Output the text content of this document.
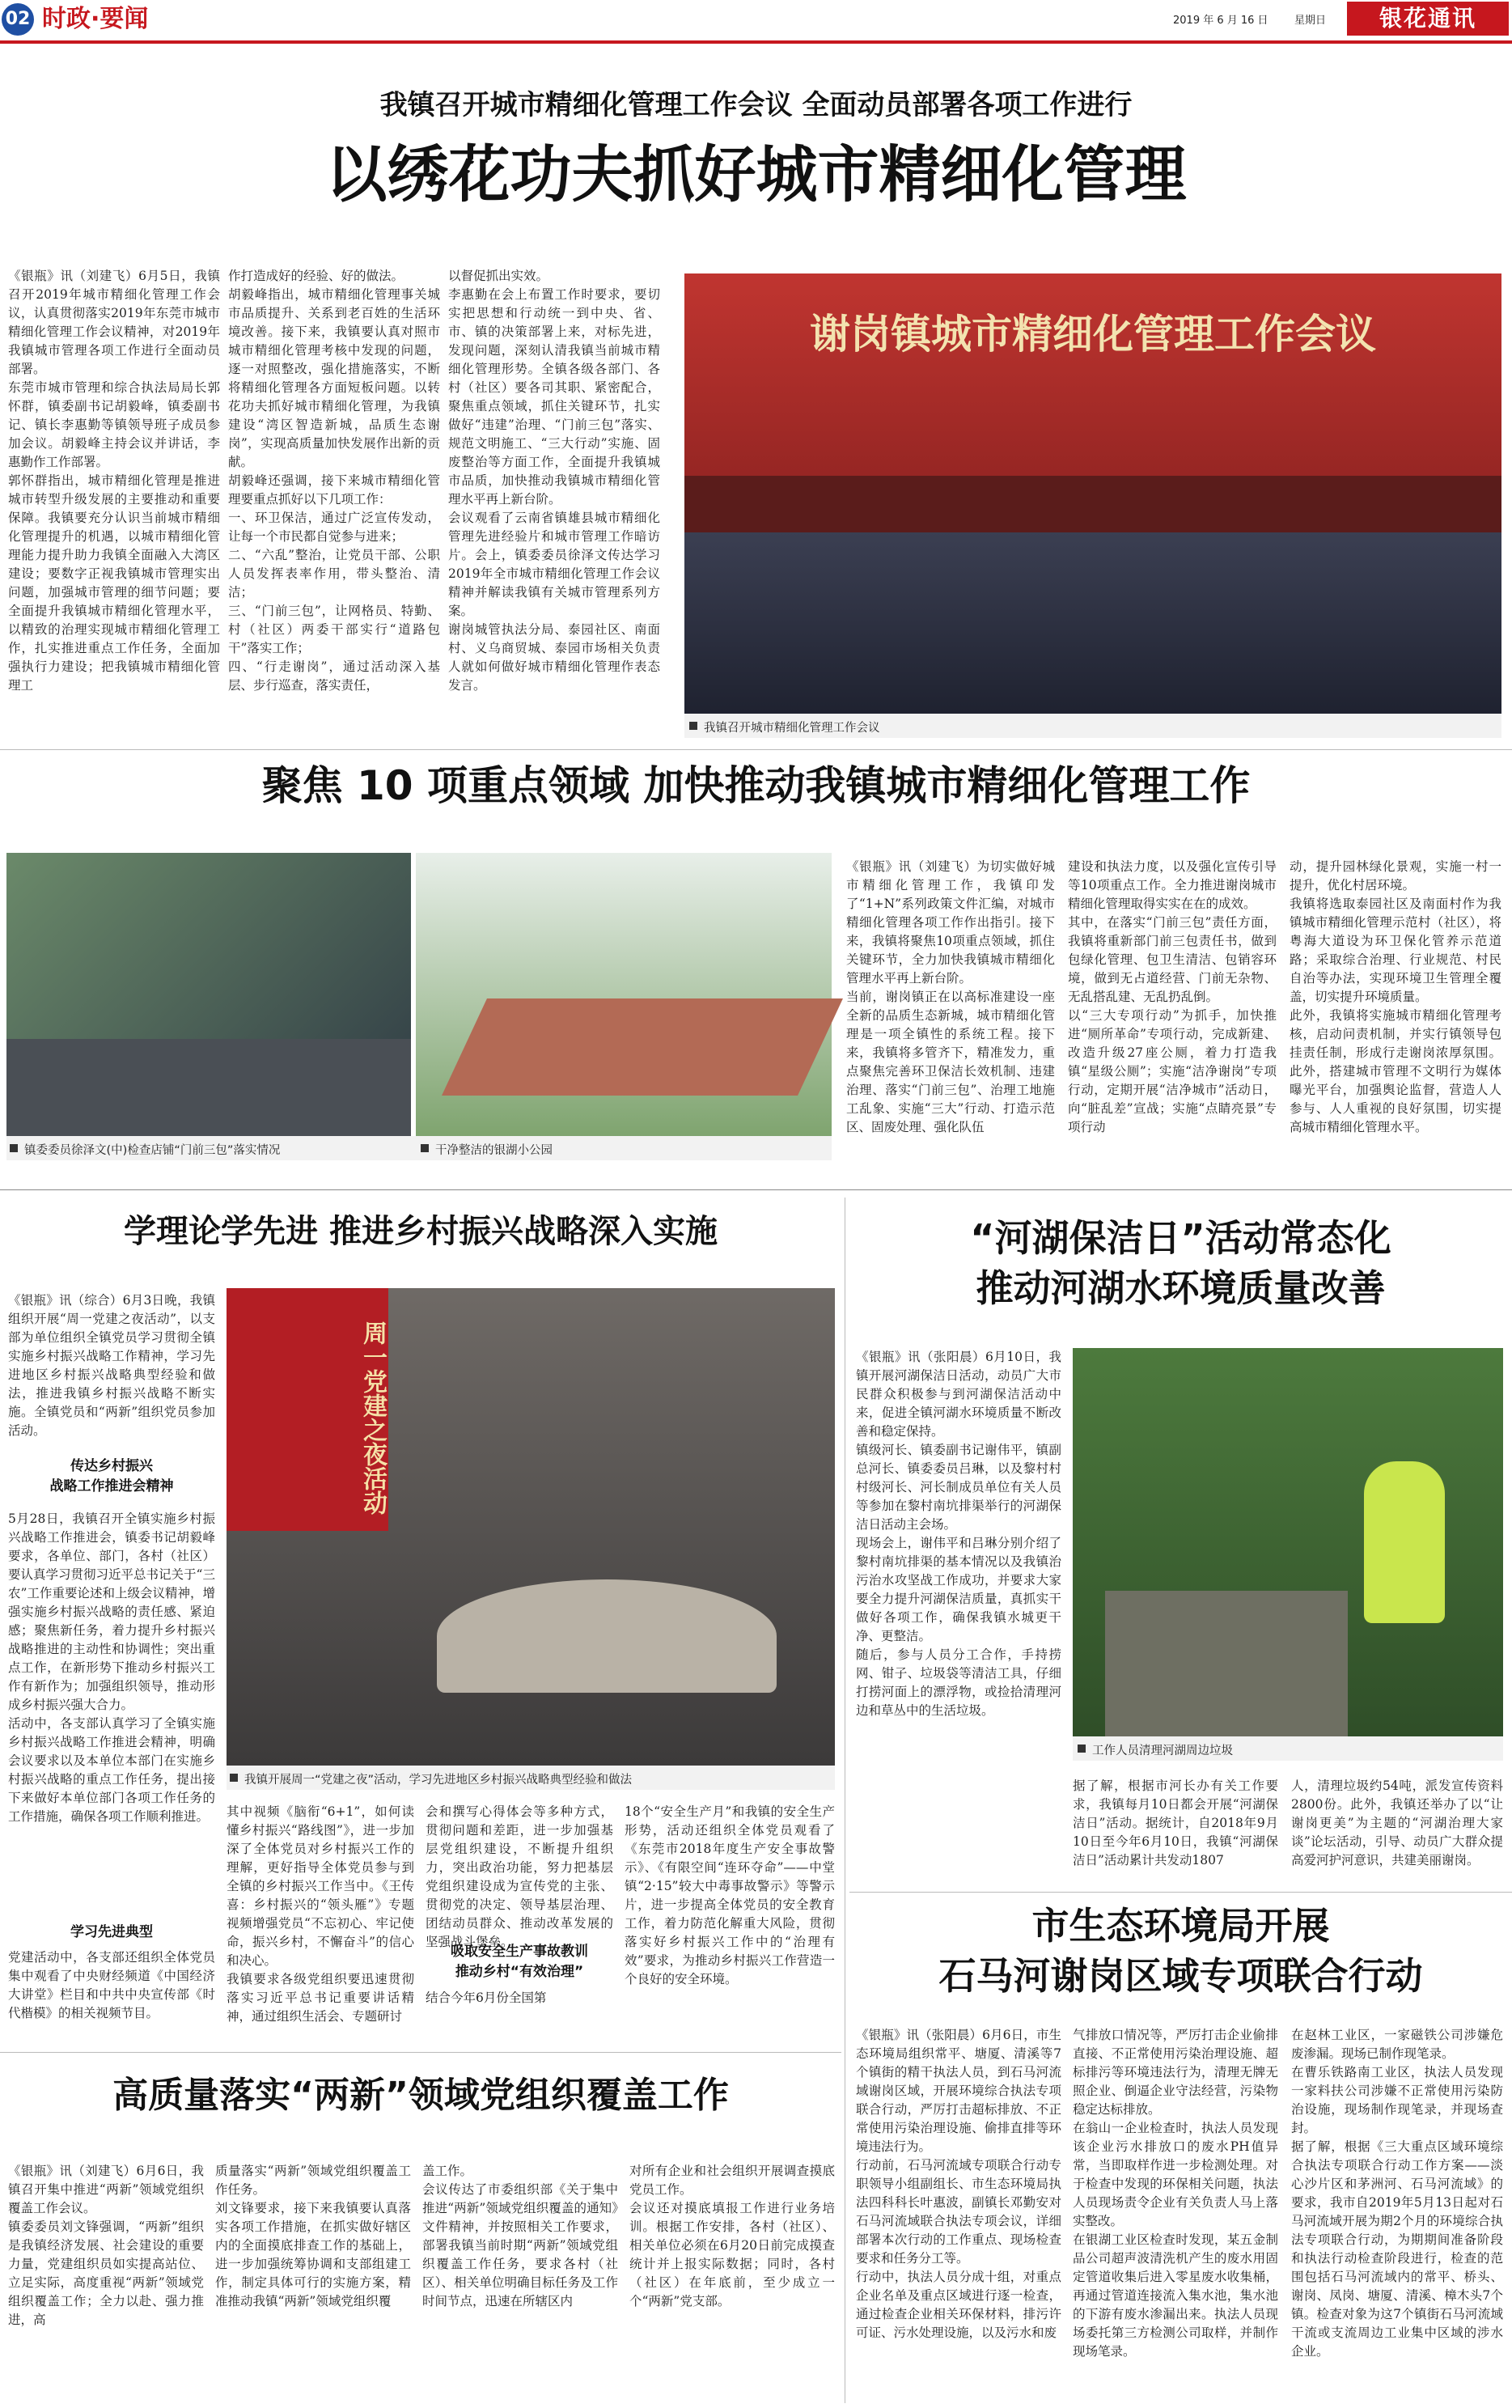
02 时政·要闻	2019 年 6 月 16 日 星期日	银花通讯
我镇召开城市精细化管理工作会议 全面动员部署各项工作进行
以绣花功夫抓好城市精细化管理

《银瓶》讯（刘建飞）6月5日，我镇召开2019年城市精细化管理工作会议，认真贯彻落实2019年东莞市城市精细化管理工作会议精神，对2019年我镇城市管理各项工作进行全面动员部署。
东莞市城市管理和综合执法局局长郭怀群，镇委副书记胡毅峰，镇委副书记、镇长李惠勤等镇领导班子成员参加会议。胡毅峰主持会议并讲话，李惠勤作工作部署。
郭怀群指出，城市精细化管理是推进城市转型升级发展的主要推动和重要保障。我镇要充分认识当前城市精细化管理提升的机遇，以城市精细化管理能力提升助力我镇全面融入大湾区建设；要数字正视我镇城市管理实出问题，加强城市管理的细节问题；要全面提升我镇城市精细化管理水平，以精致的治理实现城市精细化管理工作，扎实推进重点工作任务，全面加强执行力建设；把我镇城市精细化管理工

作打造成好的经验、好的做法。
胡毅峰指出，城市精细化管理事关城市品质提升、关系到老百姓的生活环境改善。接下来，我镇要认真对照市城市精细化管理考核中发现的问题，逐一对照整改，强化措施落实，不断将精细化管理各方面短板问题。以转花功夫抓好城市精细化管理，为我镇建设“湾区智造新城，品质生态谢岗”，实现高质量加快发展作出新的贡献。
胡毅峰还强调，接下来城市精细化管理要重点抓好以下几项工作：
一、环卫保洁，通过广泛宣传发动，让每一个市民都自觉参与进来；
二、“六乱”整治，让党员干部、公职人员发挥表率作用，带头整治、清洁；
三、“门前三包”，让网格员、特勤、村（社区）两委干部实行“道路包干”落实工作；
四、“行走谢岗”，通过活动深入基层、步行巡查，落实责任，

以督促抓出实效。
李惠勤在会上布置工作时要求，要切实把思想和行动统一到中央、省、市、镇的决策部署上来，对标先进，发现问题，深刻认清我镇当前城市精细化管理形势。全镇各级各部门、各村（社区）要各司其职、紧密配合，聚焦重点领域，抓住关键环节，扎实做好“违建”治理、“门前三包”落实、规范文明施工、“三大行动”实施、固废整治等方面工作，全面提升我镇城市品质，加快推动我镇城市精细化管理水平再上新台阶。
会议观看了云南省镇雄县城市精细化管理先进经验片和城市管理工作暗访片。会上，镇委委员徐泽文传达学习2019年全市城市精细化管理工作会议精神并解读我镇有关城市管理系列方案。
谢岗城管执法分局、泰园社区、南面村、义乌商贸城、泰园市场相关负责人就如何做好城市精细化管理作表态发言。

谢岗镇城市精细化管理工作会议
我镇召开城市精细化管理工作会议
聚焦 10 项重点领域 加快推动我镇城市精细化管理工作
镇委委员徐泽文(中)检查店铺“门前三包”落实情况	干净整洁的银湖小公园

《银瓶》讯（刘建飞）为切实做好城市精细化管理工作，我镇印发了“1+N”系列政策文件汇编，对城市精细化管理各项工作作出指引。接下来，我镇将聚焦10项重点领域，抓住关键环节，全力加快我镇城市精细化管理水平再上新台阶。
当前，谢岗镇正在以高标准建设一座全新的品质生态新城，城市精细化管理是一项全镇性的系统工程。接下来，我镇将多管齐下，精准发力，重点聚焦完善环卫保洁长效机制、违建治理、落实“门前三包”、治理工地施工乱象、实施“三大”行动、打造示范区、固废处理、强化队伍

建设和执法力度，以及强化宣传引导等10项重点工作。全力推进谢岗城市精细化管理取得实实在在的成效。
其中，在落实“门前三包”责任方面，我镇将重新部门前三包责任书，做到包绿化管理、包卫生清洁、包销容环境，做到无占道经营、门前无杂物、无乱搭乱建、无乱扔乱倒。
以“三大专项行动”为抓手，加快推进“厕所革命”专项行动，完成新建、改造升级27座公厕，着力打造我镇“星级公厕”；实施“洁净谢岗”专项行动，定期开展“洁净城市”活动日，向“脏乱差”宣战；实施“点睛亮景”专项行动

动，提升园林绿化景观，实施一村一提升，优化村居环境。
我镇将选取泰园社区及南面村作为我镇城市精细化管理示范村（社区），将粤海大道设为环卫保化管养示范道路；采取综合治理、行业规范、村民自治等办法，实现环境卫生管理全覆盖，切实提升环境质量。
此外，我镇将实施城市精细化管理考核，启动问责机制，并实行镇领导包挂责任制，形成行走谢岗浓厚氛围。此外，搭建城市管理不文明行为媒体曝光平台，加强舆论监督，营造人人参与、人人重视的良好氛围，切实提高城市精细化管理水平。

学理论学先进 推进乡村振兴战略深入实施

《银瓶》讯（综合）6月3日晚，我镇组织开展“周一党建之夜活动”，以支部为单位组织全镇党员学习贯彻全镇实施乡村振兴战略工作精神，学习先进地区乡村振兴战略典型经验和做法，推进我镇乡村振兴战略不断实施。全镇党员和“两新”组织党员参加活动。

传达乡村振兴
战略工作推进会精神

5月28日，我镇召开全镇实施乡村振兴战略工作推进会，镇委书记胡毅峰要求，各单位、部门，各村（社区）要认真学习贯彻习近平总书记关于“三农”工作重要论述和上级会议精神，增强实施乡村振兴战略的责任感、紧迫感；聚焦新任务，着力提升乡村振兴战略推进的主动性和协调性；突出重点工作，在新形势下推动乡村振兴工作有新作为；加强组织领导，推动形成乡村振兴强大合力。
活动中，各支部认真学习了全镇实施乡村振兴战略工作推进会精神，明确会议要求以及本单位本部门在实施乡村振兴战略的重点工作任务，提出接下来做好本单位部门各项工作任务的工作措施，确保各项工作顺利推进。

学习先进典型

党建活动中，各支部还组织全体党员集中观看了中央财经频道《中国经济大讲堂》栏目和中共中央宣传部《时代楷模》的相关视频节目。

周一党建之夜活动
我镇开展周一“党建之夜”活动，学习先进地区乡村振兴战略典型经验和做法

其中视频《脑衔“6+1”，如何读懂乡村振兴“路线图”》，进一步加深了全体党员对乡村振兴工作的理解，更好指导全体党员参与到全镇的乡村振兴工作当中。《王传喜：乡村振兴的“领头雁”》专题视频增强党员“不忘初心、牢记使命，振兴乡村，不懈奋斗”的信心和决心。
我镇要求各级党组织要迅速贯彻落实习近平总书记重要讲话精神，通过组织生活会、专题研讨

会和撰写心得体会等多种方式，贯彻问题和差距，进一步加强基层党组织建设，不断提升组织力，突出政治功能，努力把基层党组织建设成为宣传党的主张、贯彻党的决定、领导基层治理、团结动员群众、推动改革发展的坚强战斗堡垒。

吸取安全生产事故教训
推动乡村“有效治理”

结合今年6月份全国第

18个“安全生产月”和我镇的安全生产形势，活动还组织全体党员观看了《东莞市2018年度生产安全事故警示》、《有限空间“连环夺命”——中堂镇“2·15”较大中毒事故警示》等警示片，进一步提高全体党员的安全教育工作，着力防范化解重大风险，贯彻落实好乡村振兴工作中的“治理有效”要求，为推动乡村振兴工作营造一个良好的安全环境。

高质量落实“两新”领域党组织覆盖工作

《银瓶》讯（刘建飞）6月6日，我镇召开集中推进“两新”领域党组织覆盖工作会议。
镇委委员刘文锋强调，“两新”组织是我镇经济发展、社会建设的重要力量，党建组织员如实提高站位、立足实际，高度重视“两新”领域党组织覆盖工作；全力以赴、强力推进，高

质量落实“两新”领域党组织覆盖工作任务。
刘文锋要求，接下来我镇要认真落实各项工作措施，在抓实做好辖区内的全面摸底排查工作的基础上，进一步加强统筹协调和支部组建工作，制定具体可行的实施方案，精准推动我镇“两新”领域党组织覆

盖工作。
会议传达了市委组织部《关于集中推进“两新”领域党组织覆盖的通知》文件精神，并按照相关工作要求，部署我镇当前时期“两新”领域党组织覆盖工作任务，要求各村（社区）、相关单位明确目标任务及工作时间节点，迅速在所辖区内

对所有企业和社会组织开展调查摸底党员工作。
会议还对摸底填报工作进行业务培训。根据工作安排，各村（社区）、相关单位必须在6月20日前完成摸查统计并上报实际数据；同时，各村（社区）在年底前，至少成立一个“两新”党支部。

“河湖保洁日”活动常态化
推动河湖水环境质量改善

《银瓶》讯（张阳晨）6月10日，我镇开展河湖保洁日活动，动员广大市民群众积极参与到河湖保洁活动中来，促进全镇河湖水环境质量不断改善和稳定保持。
镇级河长、镇委副书记谢伟平，镇副总河长、镇委委员吕琳，以及黎村村村级河长、河长制成员单位有关人员等参加在黎村南坑排渠举行的河湖保洁日活动主会场。
现场会上，谢伟平和吕琳分别介绍了黎村南坑排渠的基本情况以及我镇治污治水攻坚战工作成功，并要求大家要全力提升河湖保洁质量，真抓实干做好各项工作，确保我镇水城更干净、更整洁。
随后，参与人员分工合作，手持捞网、钳子、垃圾袋等清洁工具，仔细打捞河面上的漂浮物，或捡拾清理河边和草丛中的生活垃圾。

工作人员清理河湖周边垃圾

据了解，根据市河长办有关工作要求，我镇每月10日都会开展“河湖保洁日”活动。据统计，自2018年9月10日至今年6月10日，我镇“河湖保洁日”活动累计共发动1807

人，清理垃圾约54吨，派发宣传资料2800份。此外，我镇还举办了以“让谢岗更美”为主题的“河湖治理大家谈”论坛活动，引导、动员广大群众提高爱河护河意识，共建美丽谢岗。

市生态环境局开展
石马河谢岗区域专项联合行动

《银瓶》讯（张阳晨）6月6日，市生态环境局组织常平、塘厦、清溪等7个镇街的精干执法人员，到石马河流域谢岗区域，开展环境综合执法专项联合行动，严厉打击超标排放、不正常使用污染治理设施、偷排直排等环境违法行为。
行动前，石马河流域专项联合行动专职领导小组副组长、市生态环境局执法四科科长叶惠波，副镇长邓勤安对石马河流域联合执法专项会议，详细部署本次行动的工作重点、现场检查要求和任务分工等。
行动中，执法人员分成十组，对重点企业名单及重点区域进行逐一检查，通过检查企业相关环保材料，排污许可证、污水处理设施，以及污水和废

气排放口情况等，严厉打击企业偷排直接、不正常使用污染治理设施、超标排污等环境违法行为，清理无牌无照企业、倒逼企业守法经营，污染物稳定达标排放。
在翁山一企业检查时，执法人员发现该企业污水排放口的废水PH值异常，当即取样作进一步检测处理。对于检查中发现的环保相关问题，执法人员现场责令企业有关负责人马上落实整改。
在银湖工业区检查时发现，某五金制品公司超声波清洗机产生的废水用固定管道收集后进入零星废水收集桶，再通过管道连接流入集水池，集水池的下游有废水渗漏出来。执法人员现场委托第三方检测公司取样，并制作现场笔录。

在赵林工业区，一家磁铁公司涉嫌危废渗漏。现场已制作现笔录。
在曹乐铁路南工业区，执法人员发现一家料扶公司涉嫌不正常使用污染防治设施，现场制作现笔录，并现场查封。
据了解，根据《三大重点区域环境综合执法专项联合行动工作方案——淡心沙片区和茅洲河、石马河流域》的要求，我市自2019年5月13日起对石马河流域开展为期2个月的环境综合执法专项联合行动，为期期间准备阶段和执法行动检查阶段进行，检查的范围包括石马河流域内的常平、桥头、谢岗、凤岗、塘厦、清溪、樟木头7个镇。检查对象为这7个镇街石马河流域干流或支流周边工业集中区域的涉水企业。
